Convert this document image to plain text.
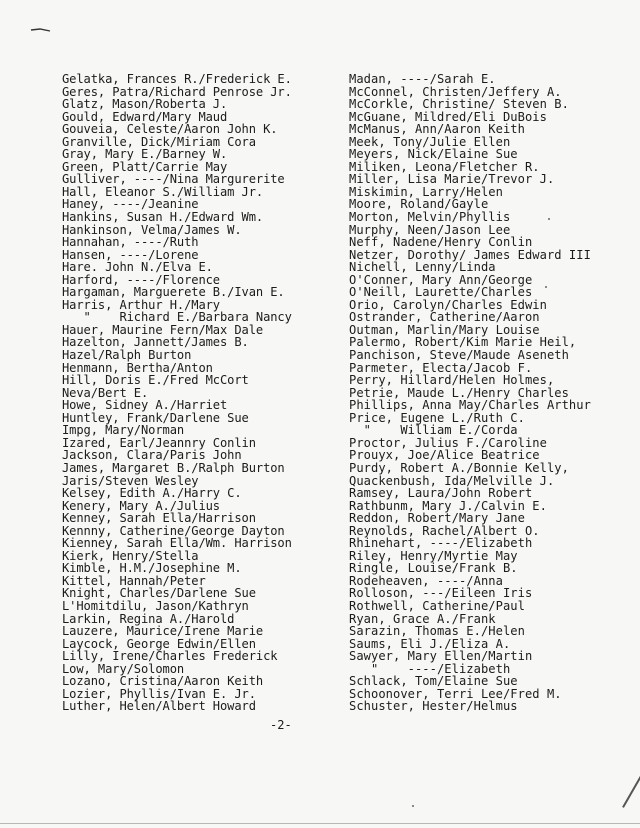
Gelatka, Frances R./Frederick E.
Geres, Patra/Richard Penrose Jr.
Glatz, Mason/Roberta J.
Gould, Edward/Mary Maud
Gouveia, Celeste/Aaron John K.
Granville, Dick/Miriam Cora
Gray, Mary E./Barney W.
Green, Platt/Carrie May
Gulliver, ----/Nina Margurerite
Hall, Eleanor S./William Jr.
Haney, ----/Jeanine
Hankins, Susan H./Edward Wm.
Hankinson, Velma/James W.
Hannahan, ----/Ruth
Hansen, ----/Lorene
Hare. John N./Elva E.
Harford, ----/Florence
Hargaman, Marguerete B./Ivan E.
Harris, Arthur H./Mary
"    Richard E./Barbara Nancy
Hauer, Maurine Fern/Max Dale
Hazelton, Jannett/James B.
Hazel/Ralph Burton
Henmann, Bertha/Anton
Hill, Doris E./Fred McCort
Neva/Bert E.
Howe, Sidney A./Harriet
Huntley, Frank/Darlene Sue
Impg, Mary/Norman
Izared, Earl/Jeannry Conlin
Jackson, Clara/Paris John
James, Margaret B./Ralph Burton
Jaris/Steven Wesley
Kelsey, Edith A./Harry C.
Kenery, Mary A./Julius
Kenney, Sarah Ella/Harrison
Kennny, Catherine/George Dayton
Kienney, Sarah Ella/Wm. Harrison
Kierk, Henry/Stella
Kimble, H.M./Josephine M.
Kittel, Hannah/Peter
Knight, Charles/Darlene Sue
L'Homitdilu, Jason/Kathryn
Larkin, Regina A./Harold
Lauzere, Maurice/Irene Marie
Laycock, George Edwin/Ellen
Lilly, Irene/Charles Frederick
Low, Mary/Solomon
Lozano, Cristina/Aaron Keith
Lozier, Phyllis/Ivan E. Jr.
Luther, Helen/Albert Howard
Madan, ----/Sarah E.
McConnel, Christen/Jeffery A.
McCorkle, Christine/ Steven B.
McGuane, Mildred/Eli DuBois
McManus, Ann/Aaron Keith
Meek, Tony/Julie Ellen
Meyers, Nick/Elaine Sue
Miliken, Leona/Fletcher R.
Miller, Lisa Marie/Trevor J.
Miskimin, Larry/Helen
Moore, Roland/Gayle
Morton, Melvin/Phyllis
Murphy, Neen/Jason Lee
Neff, Nadene/Henry Conlin
Netzer, Dorothy/ James Edward III
Nichell, Lenny/Linda
O'Conner, Mary Ann/George
O'Neill, Laurette/Charles
Orio, Carolyn/Charles Edwin
Ostrander, Catherine/Aaron
Outman, Marlin/Mary Louise
Palermo, Robert/Kim Marie Heil,
Panchison, Steve/Maude Aseneth
Parmeter, Electa/Jacob F.
Perry, Hillard/Helen Holmes,
Petrie, Maude L./Henry Charles
Phillips, Anna May/Charles Arthur
Price, Eugene L./Ruth C.
"    William E./Corda
Proctor, Julius F./Caroline
Prouyx, Joe/Alice Beatrice
Purdy, Robert A./Bonnie Kelly,
Quackenbush, Ida/Melville J.
Ramsey, Laura/John Robert
Rathbunm, Mary J./Calvin E.
Reddon, Robert/Mary Jane
Reynolds, Rachel/Albert O.
Rhinehart, ----/Elizabeth
Riley, Henry/Myrtie May
Ringle, Louise/Frank B.
Rodeheaven, ----/Anna
Rolloson, ---/Eileen Iris
Rothwell, Catherine/Paul
Ryan, Grace A./Frank
Sarazin, Thomas E./Helen
Saums, Eli J./Eliza A.
Sawyer, Mary Ellen/Martin
"    ----/Elizabeth
Schlack, Tom/Elaine Sue
Schoonover, Terri Lee/Fred M.
Schuster, Hester/Helmus
-2-
